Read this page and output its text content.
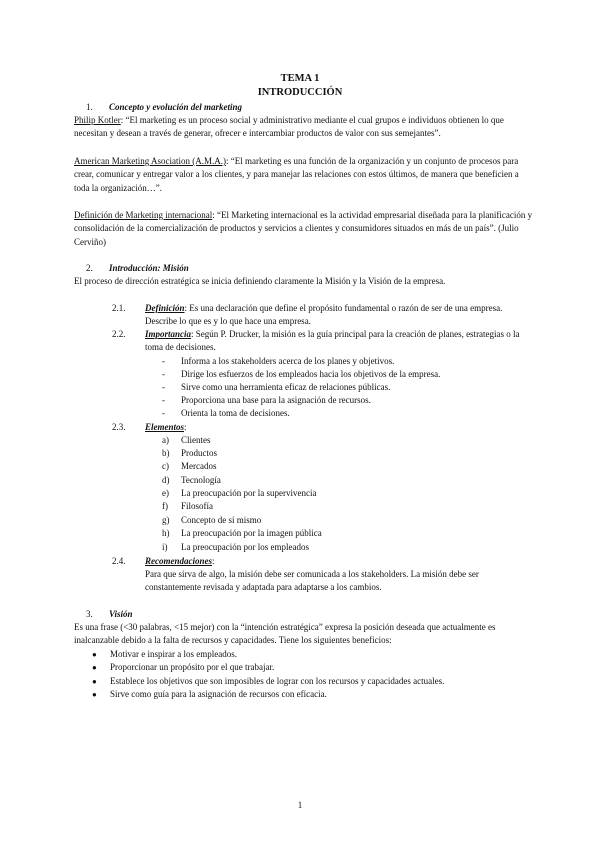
TEMA 1
INTRODUCCIÓN
1. Concepto y evolución del marketing
Philip Kotler: “El marketing es un proceso social y administrativo mediante el cual grupos e individuos obtienen lo que necesitan y desean a través de generar, ofrecer e intercambiar productos de valor con sus semejantes”.
American Marketing Asociation (A.M.A.): “El marketing es una función de la organización y un conjunto de procesos para crear, comunicar y entregar valor a los clientes, y para manejar las relaciones con estos últimos, de manera que beneficien a toda la organización…”.
Definición de Marketing internacional: “El Marketing internacional es la actividad empresarial diseñada para la planificación y consolidación de la comercialización de productos y servicios a clientes y consumidores situados en más de un país”. (Julio Cerviño)
2. Introducción: Misión
El proceso de dirección estratégica se inicia definiendo claramente la Misión y la Visión de la empresa.
2.1. Definición: Es una declaración que define el propósito fundamental o razón de ser de una empresa. Describe lo que es y lo que hace una empresa.
2.2. Importancia: Según P. Drucker, la misión es la guía principal para la creación de planes, estrategias o la toma de decisiones.
- Informa a los stakeholders acerca de los planes y objetivos.
- Dirige los esfuerzos de los empleados hacia los objetivos de la empresa.
- Sirve como una herramienta eficaz de relaciones públicas.
- Proporciona una base para la asignación de recursos.
- Orienta la toma de decisiones.
2.3. Elementos:
a) Clientes
b) Productos
c) Mercados
d) Tecnología
e) La preocupación por la supervivencia
f) Filosofía
g) Concepto de sí mismo
h) La preocupación por la imagen pública
i) La preocupación por los empleados
2.4. Recomendaciones:
Para que sirva de algo, la misión debe ser comunicada a los stakeholders. La misión debe ser constantemente revisada y adaptada para adaptarse a los cambios.
3. Visión
Es una frase (<30 palabras, <15 mejor) con la “intención estratégica” expresa la posición deseada que actualmente es inalcanzable debido a la falta de recursos y capacidades. Tiene los siguientes beneficios:
● Motivar e inspirar a los empleados.
● Proporcionar un propósito por el que trabajar.
● Establece los objetivos que son imposibles de lograr con los recursos y capacidades actuales.
● Sirve como guía para la asignación de recursos con eficacia.
1
